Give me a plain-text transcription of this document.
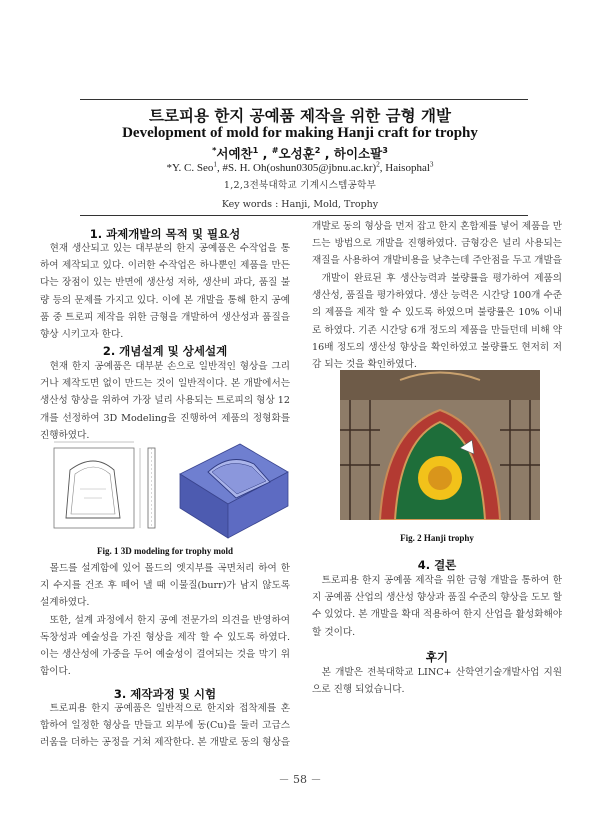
트로피용 한지 공예품 제작을 위한 금형 개발
Development of mold for making Hanji craft for trophy
*서예찬$^1$ , #오성훈$^2$ , 하이소팔$^3$
*Y. C. Seo$^1$, #S. H. Oh(oshun0305@jbnu.ac.kr)$^2$, Haisophal$^3$
1,2,3전북대학교 기계시스템공학부
Key words : Hanji, Mold, Trophy
1. 과제개발의 목적 및 필요성

현재 생산되고 있는 대부분의 한지 공예품은 수작업을 통하여 제작되고 있다. 이러한 수작업은 하나뿐인 제품을 만든다는 장점이 있는 반면에 생산성 저하, 생산비 과다, 품질 불량 등의 문제를 가지고 있다. 이에 본 개발을 통해 한지 공예품 중 트로피 제작을 위한 금형을 개발하여 생산성과 품질을 향상 시키고자 한다.

2. 개념설계 및 상세설계

현재 한지 공예품은 대부분 손으로 일반적인 형상을 그리거나 제작도면 없이 만드는 것이 일반적이다. 본 개발에서는 생산성 향상을 위하여 가장 널리 사용되는 트로피의 형상 12개를 선정하여 3D Modeling을 진행하여 제품의 정형화를 진행하였다.

Fig. 1 3D modeling for trophy mold

몰드를 설계함에 있어 몰드의 엣지부를 곡면처리 하여 한지 수지를 건조 후 떼어 낼 때 이물질(burr)가 남지 않도록 설계하였다.

또한, 설계 과정에서 한지 공예 전문가의 의견을 반영하여 독창성과 예술성을 가진 형상을 제작 할 수 있도록 하였다. 이는 생산성에 가중을 두어 예술성이 결여되는 것을 막기 위함이다.

3. 제작과정 및 시험

트로피용 한지 공예품은 일반적으로 한지와 접착제를 혼합하여 일정한 형상을 만들고 외부에 동(Cu)을 둘러 고급스러움을 더하는 공정을 거쳐 제작한다. 본 개발로 동의 형상을

개발로 동의 형상을 먼저 잡고 한지 혼합제를 넣어 제품을 만드는 방법으로 개발을 진행하였다. 금형강은 널리 사용되는 재질을 사용하여 개발비용을 낮추는데 주안점을 두고 개발을

개발이 완료된 후 생산능력과 불량률을 평가하여 제품의 생산성, 품질을 평가하였다. 생산 능력은 시간당 100개 수준의 제품을 제작 할 수 있도록 하였으며 불량률은 10% 이내로 하였다. 기존 시간당 6개 정도의 제품을 만들던데 비해 약 16배 정도의 생산성 향상을 확인하였고 불량률도 현저히 저감 되는 것을 확인하였다.

Fig. 2 Hanji trophy
4. 결론

트로피용 한지 공예품 제작을 위한 금형 개발을 통하여 한지 공예품 산업의 생산성 향상과 품질 수준의 향상을 도모 할 수 있었다. 본 개발을 확대 적용하여 한지 산업을 활성화해야 할 것이다.

후기

본 개발은 전북대학교 LINC+ 산학연기술개발사업 지원으로 진행 되었습니다.

－ 58 －
